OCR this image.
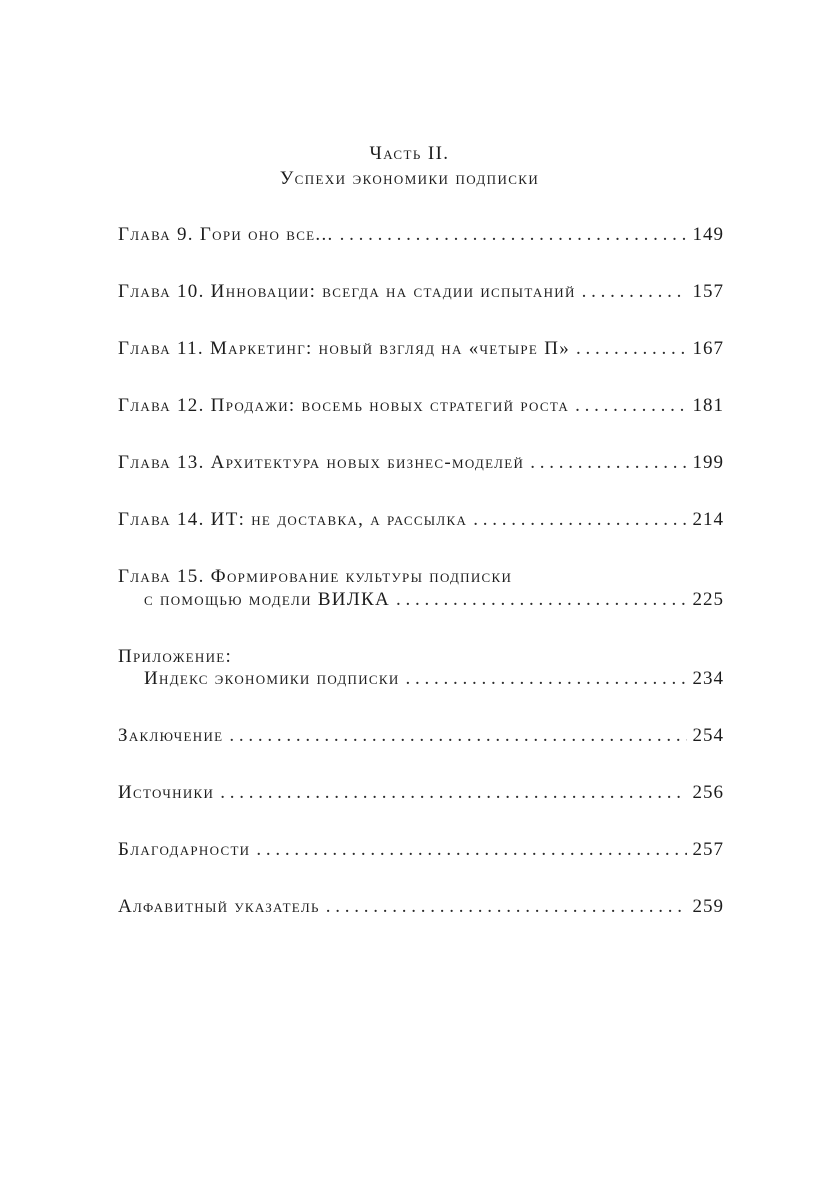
Часть II.
Успехи экономики подписки
Глава 9. Гори оно все... . . .	149
Глава 10. Инновации: всегда на стадии испытаний . . .	157
Глава 11. Маркетинг: новый взгляд на «четыре П» . . .	167
Глава 12. Продажи: восемь новых стратегий роста . . .	181
Глава 13. Архитектура новых бизнес-моделей . . .	199
Глава 14. ИТ: не доставка, а рассылка . . .	214
Глава 15. Формирование культуры подписки
с помощью модели ВИЛКА . . .	225
Приложение:
Индекс экономики подписки . . .	234
Заключение . . .	254
Источники . . .	256
Благодарности . . .	257
Алфавитный указатель . . .	259
